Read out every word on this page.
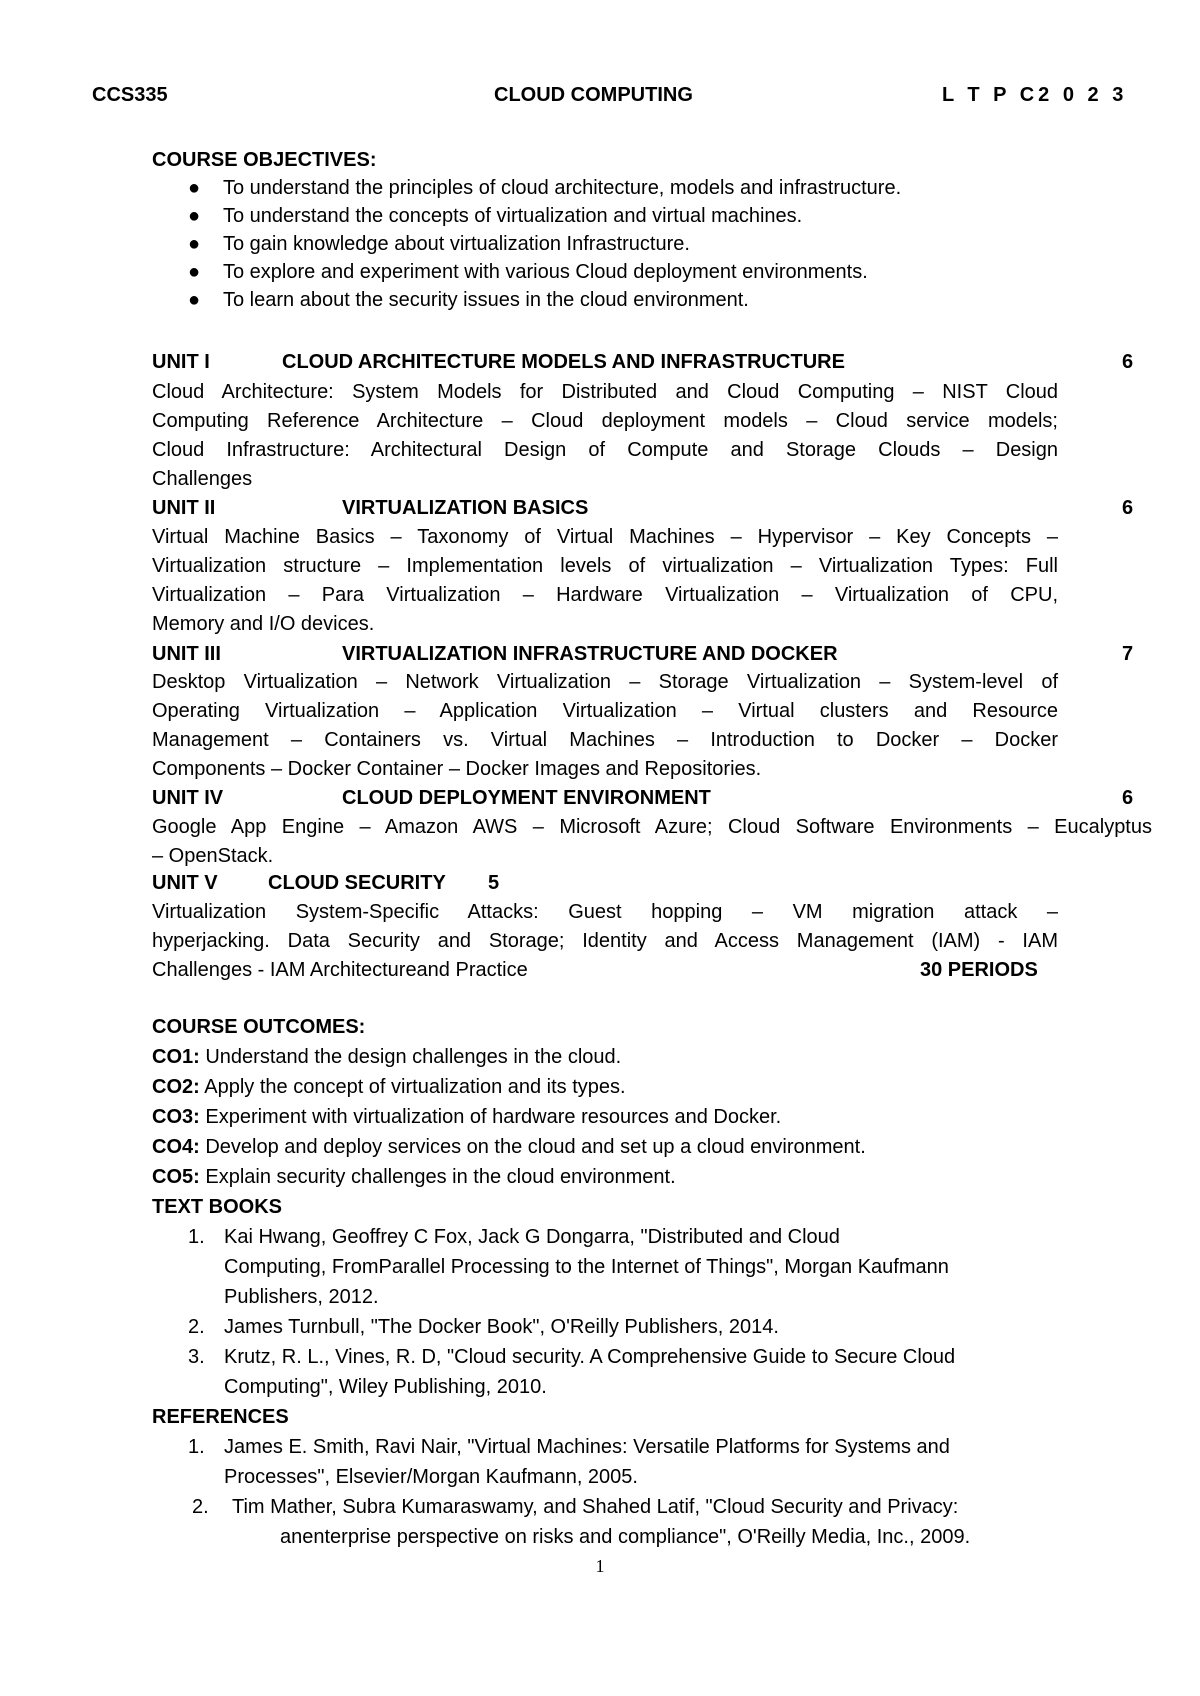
CCS335	CLOUD COMPUTING	L T P C2 0 2 3
COURSE OBJECTIVES:
● To understand the principles of cloud architecture, models and infrastructure.
● To understand the concepts of virtualization and virtual machines.
● To gain knowledge about virtualization Infrastructure.
● To explore and experiment with various Cloud deployment environments.
● To learn about the security issues in the cloud environment.
UNIT I	CLOUD ARCHITECTURE MODELS AND INFRASTRUCTURE	6
Cloud Architecture: System Models for Distributed and Cloud Computing – NIST Cloud
Computing Reference Architecture – Cloud deployment models – Cloud service models;
Cloud Infrastructure: Architectural Design of Compute and Storage Clouds – Design
Challenges
UNIT II	VIRTUALIZATION BASICS	6
Virtual Machine Basics – Taxonomy of Virtual Machines – Hypervisor – Key Concepts –
Virtualization structure – Implementation levels of virtualization – Virtualization Types: Full
Virtualization – Para Virtualization – Hardware Virtualization – Virtualization of CPU,
Memory and I/O devices.
UNIT III	VIRTUALIZATION INFRASTRUCTURE AND DOCKER	7
Desktop Virtualization – Network Virtualization – Storage Virtualization – System-level of
Operating Virtualization – Application Virtualization – Virtual clusters and Resource
Management – Containers vs. Virtual Machines – Introduction to Docker – Docker
Components – Docker Container – Docker Images and Repositories.
UNIT IV	CLOUD DEPLOYMENT ENVIRONMENT	6
Google App Engine – Amazon AWS – Microsoft Azure; Cloud Software Environments – Eucalyptus
– OpenStack.
UNIT V	CLOUD SECURITY 5
Virtualization System-Specific Attacks: Guest hopping – VM migration attack –
hyperjacking. Data Security and Storage; Identity and Access Management (IAM) - IAM
Challenges - IAM Architectureand Practice	30 PERIODS
COURSE OUTCOMES:
CO1: Understand the design challenges in the cloud.
CO2: Apply the concept of virtualization and its types.
CO3: Experiment with virtualization of hardware resources and Docker.
CO4: Develop and deploy services on the cloud and set up a cloud environment.
CO5: Explain security challenges in the cloud environment.
TEXT BOOKS
1. Kai Hwang, Geoffrey C Fox, Jack G Dongarra, "Distributed and Cloud
Computing, FromParallel Processing to the Internet of Things", Morgan Kaufmann
Publishers, 2012.
2. James Turnbull, "The Docker Book", O'Reilly Publishers, 2014.
3. Krutz, R. L., Vines, R. D, "Cloud security. A Comprehensive Guide to Secure Cloud
Computing", Wiley Publishing, 2010.
REFERENCES
1. James E. Smith, Ravi Nair, "Virtual Machines: Versatile Platforms for Systems and
Processes", Elsevier/Morgan Kaufmann, 2005.
2. Tim Mather, Subra Kumaraswamy, and Shahed Latif, "Cloud Security and Privacy:
anenterprise perspective on risks and compliance", O'Reilly Media, Inc., 2009.
1
